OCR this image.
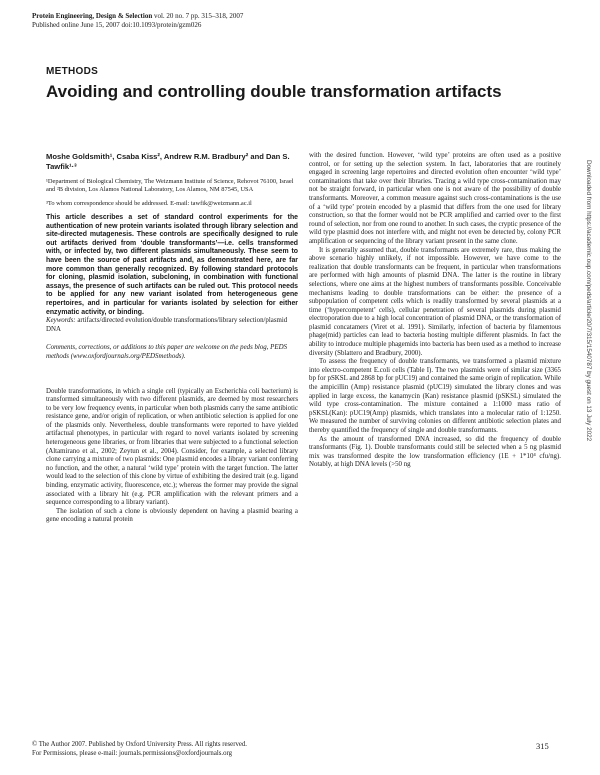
Protein Engineering, Design & Selection vol. 20 no. 7 pp. 315–318, 2007
Published online June 15, 2007 doi:10.1093/protein/gzm026
METHODS
Avoiding and controlling double transformation artifacts

Moshe Goldsmith¹, Csaba Kiss², Andrew R.M. Bradbury² and Dan S. Tawfik¹·³

¹Department of Biological Chemistry, The Weizmann Institute of Science, Rehovot 76100, Israel and ²B division, Los Alamos National Laboratory, Los Alamos, NM 87545, USA

³To whom correspondence should be addressed. E-mail: tawfik@weizmann.ac.il

This article describes a set of standard control experiments for the authentication of new protein variants isolated through library selection and site-directed mutagenesis. These controls are specifically designed to rule out artifacts derived from ‘double transformants’—i.e. cells transformed with, or infected by, two different plasmids simultaneously. These seem to have been the source of past artifacts and, as demonstrated here, are far more common than generally recognized. By following standard protocols for cloning, plasmid isolation, subcloning, in combination with functional assays, the presence of such artifacts can be ruled out. This protocol needs to be applied for any new variant isolated from heterogeneous gene repertoires, and in particular for variants isolated by selection for either enzymatic activity, or binding.

Keywords: artifacts/directed evolution/double transformations/library selection/plasmid DNA

Comments, corrections, or additions to this paper are welcome on the peds blog, PEDS methods (www.oxfordjournals.org/PEDSmethods).

Double transformations, in which a single cell (typically an Escherichia coli bacterium) is transformed simultaneously with two different plasmids, are deemed by most researchers to be very low frequency events, in particular when both plasmids carry the same antibiotic resistance gene, and/or origin of replication, or when antibiotic selection is applied for one of the plasmids only. Nevertheless, double transformants were reported to have yielded artifactual phenotypes, in particular with regard to novel variants isolated by screening heterogeneous gene libraries, or from libraries that were subjected to a functional selection (Altamirano et al., 2002; Zeytun et al., 2004). Consider, for example, a selected library clone carrying a mixture of two plasmids: One plasmid encodes a library variant conferring no function, and the other, a natural ‘wild type’ protein with the target function. The latter would lead to the selection of this clone by virtue of exhibiting the desired trait (e.g. ligand binding, enzymatic activity, fluorescence, etc.); whereas the former may provide the signal associated with a library hit (e.g. PCR amplification with the relevant primers and a sequence corresponding to a library variant).

The isolation of such a clone is obviously dependent on having a plasmid bearing a gene encoding a natural protein

with the desired function. However, ‘wild type’ proteins are often used as a positive control, or for setting up the selection system. In fact, laboratories that are routinely engaged in screening large repertoires and directed evolution often encounter ‘wild type’ contaminations that take over their libraries. Tracing a wild type cross-contamination may not be straight forward, in particular when one is not aware of the possibility of double transformants. Moreover, a common measure against such cross-contaminations is the use of a ‘wild type’ protein encoded by a plasmid that differs from the one used for library construction, so that the former would not be PCR amplified and carried over to the first round of selection, nor from one round to another. In such cases, the cryptic presence of the wild type plasmid does not interfere with, and might not even be detected by, colony PCR amplification or sequencing of the library variant present in the same clone.

It is generally assumed that, double transformants are extremely rare, thus making the above scenario highly unlikely, if not impossible. However, we have come to the realization that double transformants can be frequent, in particular when transformations are performed with high amounts of plasmid DNA. The latter is the routine in library selections, where one aims at the highest numbers of transformants possible. Conceivable mechanisms leading to double transformations can be either: the presence of a subpopulation of competent cells which is readily transformed by several plasmids at a time (‘hypercompetent’ cells), cellular penetration of several plasmids during plasmid electroporation due to a high local concentration of plasmid DNA, or the transformation of plasmid concatamers (Viret et al. 1991). Similarly, infection of bacteria by filamentous phage(mid) particles can lead to bacteria hosting multiple different plasmids. In fact the ability to introduce multiple phagemids into bacteria has been used as a method to increase diversity (Sblattero and Bradbury, 2000).

To assess the frequency of double transformants, we transformed a plasmid mixture into electro-competent E.coli cells (Table I). The two plasmids were of similar size (3365 bp for pSKSL and 2868 bp for pUC19) and contained the same origin of replication. While the ampicillin (Amp) resistance plasmid (pUC19) simulated the library clones and was applied in large excess, the kanamycin (Kan) resistance plasmid (pSKSL) simulated the wild type cross-contamination. The mixture contained a 1:1000 mass ratio of pSKSL(Kan): pUC19(Amp) plasmids, which translates into a molecular ratio of 1:1250. We measured the number of surviving colonies on different antibiotic selection plates and thereby quantified the frequency of single and double transformants.

As the amount of transformed DNA increased, so did the frequency of double transformants (Fig. 1). Double transformants could still be selected when a 5 ng plasmid mix was transformed despite the low transformation efficiency (1E + 1*10⁴ cfu/ng). Notably, at high DNA levels (>50 ng

© The Author 2007. Published by Oxford University Press. All rights reserved.
For Permissions, please e-mail: journals.permissions@oxfordjournals.org
315
Downloaded from https://academic.oup.com/peds/article/20/7/315/1540787 by guest on 13 July 2022
